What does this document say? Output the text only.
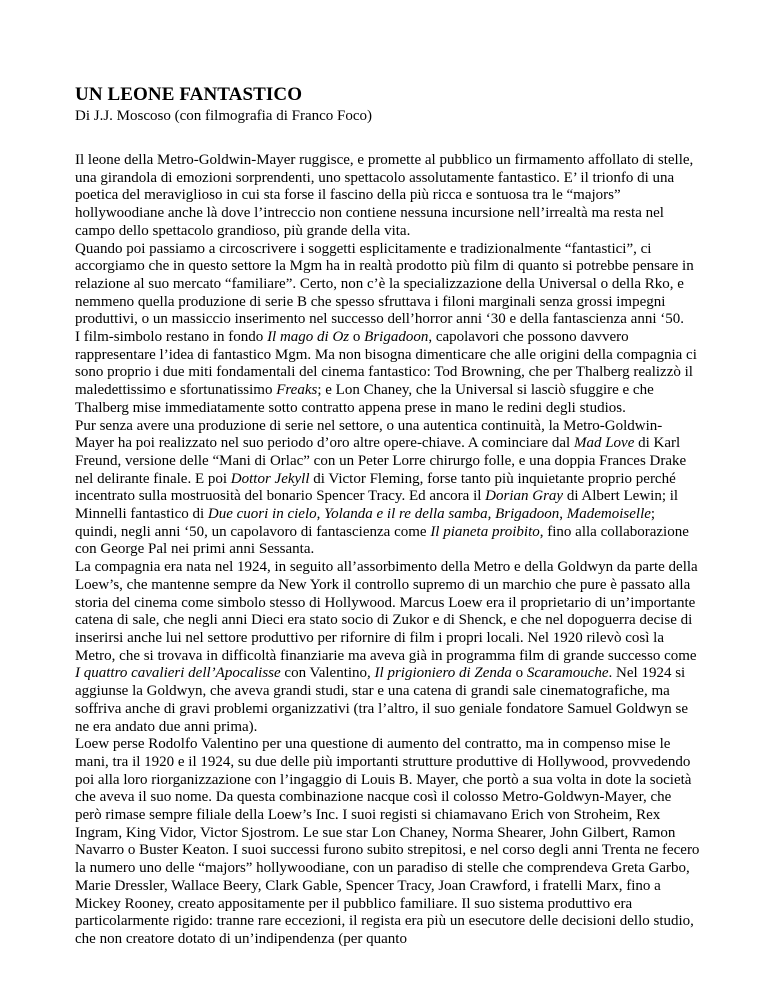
UN LEONE FANTASTICO

Di J.J. Moscoso (con filmografia di Franco Foco)

Il leone della Metro-Goldwin-Mayer ruggisce, e promette al pubblico un firmamento affollato di stelle, una girandola di emozioni sorprendenti, uno spettacolo assolutamente fantastico. E’ il trionfo di una poetica del meraviglioso in cui sta forse il fascino della più ricca e sontuosa tra le “majors” hollywoodiane anche là dove l’intreccio non contiene nessuna incursione nell’irrealtà ma resta nel campo dello spettacolo grandioso, più grande della vita.

Quando poi passiamo a circoscrivere i soggetti esplicitamente e tradizionalmente “fantastici”, ci accorgiamo che in questo settore la Mgm ha in realtà prodotto più film di quanto si potrebbe pensare in relazione al suo mercato “familiare”. Certo, non c’è la specializzazione della Universal o della Rko, e nemmeno quella produzione di serie B che spesso sfruttava i filoni marginali senza grossi impegni produttivi, o un massiccio inserimento nel successo dell’horror anni ‘30 e della fantascienza anni ‘50.

I film-simbolo restano in fondo Il mago di Oz o Brigadoon, capolavori che possono davvero rappresentare l’idea di fantastico Mgm. Ma non bisogna dimenticare che alle origini della compagnia ci sono proprio i due miti fondamentali del cinema fantastico: Tod Browning, che per Thalberg realizzò il maledettissimo e sfortunatissimo Freaks; e Lon Chaney, che la Universal si lasciò sfuggire e che Thalberg mise immediatamente sotto contratto appena prese in mano le redini degli studios.

Pur senza avere una produzione di serie nel settore, o una autentica continuità, la Metro-Goldwin-Mayer ha poi realizzato nel suo periodo d’oro altre opere-chiave. A cominciare dal Mad Love di Karl Freund, versione delle “Mani di Orlac” con un Peter Lorre chirurgo folle, e una doppia Frances Drake nel delirante finale. E poi Dottor Jekyll di Victor Fleming, forse tanto più inquietante proprio perché incentrato sulla mostruosità del bonario Spencer Tracy. Ed ancora il Dorian Gray di Albert Lewin; il Minnelli fantastico di Due cuori in cielo, Yolanda e il re della samba, Brigadoon, Mademoiselle; quindi, negli anni ‘50, un capolavoro di fantascienza come Il pianeta proibito, fino alla collaborazione con George Pal nei primi anni Sessanta.

La compagnia era nata nel 1924, in seguito all’assorbimento della Metro e della Goldwyn da parte della Loew’s, che mantenne sempre da New York il controllo supremo di un marchio che pure è passato alla storia del cinema come simbolo stesso di Hollywood. Marcus Loew era il proprietario di un’importante catena di sale, che negli anni Dieci era stato socio di Zukor e di Shenck, e che nel dopoguerra decise di inserirsi anche lui nel settore produttivo per rifornire di film i propri locali. Nel 1920 rilevò così la Metro, che si trovava in difficoltà finanziarie ma aveva già in programma film di grande successo come I quattro cavalieri dell’Apocalisse con Valentino, Il prigioniero di Zenda o Scaramouche. Nel 1924 si aggiunse la Goldwyn, che aveva grandi studi, star e una catena di grandi sale cinematografiche, ma soffriva anche di gravi problemi organizzativi (tra l’altro, il suo geniale fondatore Samuel Goldwyn se ne era andato due anni prima).

Loew perse Rodolfo Valentino per una questione di aumento del contratto, ma in compenso mise le mani, tra il 1920 e il 1924, su due delle più importanti strutture produttive di Hollywood, provvedendo poi alla loro riorganizzazione con l’ingaggio di Louis B. Mayer, che portò a sua volta in dote la società che aveva il suo nome. Da questa combinazione nacque così il colosso Metro-Goldwyn-Mayer, che però rimase sempre filiale della Loew’s Inc. I suoi registi si chiamavano Erich von Stroheim, Rex Ingram, King Vidor, Victor Sjostrom. Le sue star Lon Chaney, Norma Shearer, John Gilbert, Ramon Navarro o Buster Keaton. I suoi successi furono subito strepitosi, e nel corso degli anni Trenta ne fecero la numero uno delle “majors” hollywoodiane, con un paradiso di stelle che comprendeva Greta Garbo, Marie Dressler, Wallace Beery, Clark Gable, Spencer Tracy, Joan Crawford, i fratelli Marx, fino a Mickey Rooney, creato appositamente per il pubblico familiare. Il suo sistema produttivo era particolarmente rigido: tranne rare eccezioni, il regista era più un esecutore delle decisioni dello studio, che non creatore dotato di un’indipendenza (per quanto
